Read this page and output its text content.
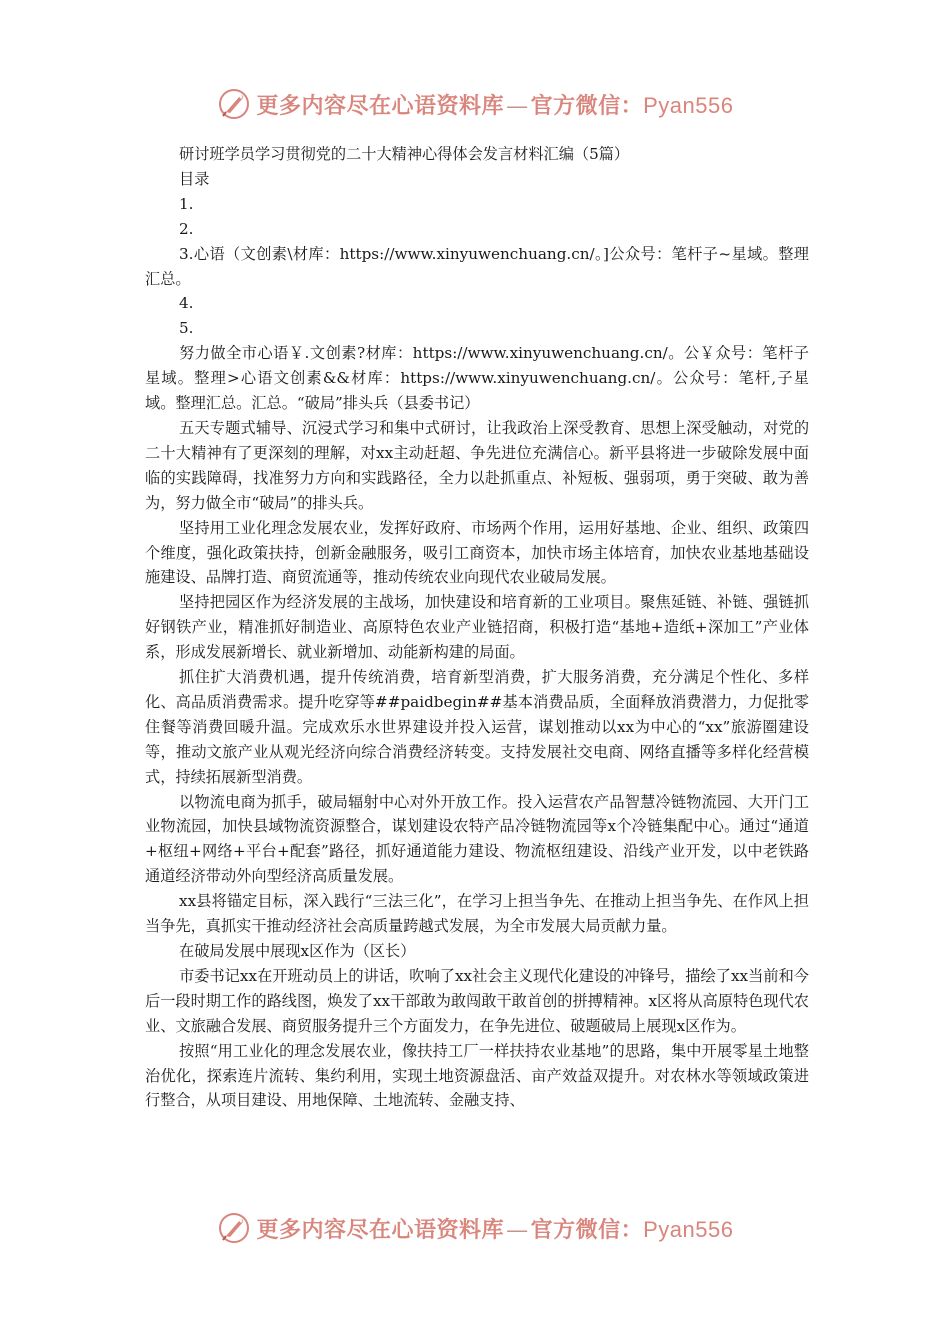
更多内容尽在心语资料库—官方微信：Pyan556

研讨班学员学习贯彻党的二十大精神心得体会发言材料汇编（5篇）

目录

1.

2.

3.心语（文创素\材库：https://www.xinyuwenchuang.cn/。]公众号：笔杆子~星域。整理汇总。

4.

5.

努力做全市心语￥.文创素?材库：https://www.xinyuwenchuang.cn/。公￥众号：笔杆子星域。整理>心语文创素&&材库：https://www.xinyuwenchuang.cn/。公众号：笔杆,子星域。整理汇总。汇总。“破局”排头兵（县委书记）

五天专题式辅导、沉浸式学习和集中式研讨，让我政治上深受教育、思想上深受触动，对党的二十大精神有了更深刻的理解，对xx主动赶超、争先进位充满信心。新平县将进一步破除发展中面临的实践障碍，找准努力方向和实践路径，全力以赴抓重点、补短板、强弱项，勇于突破、敢为善为，努力做全市“破局”的排头兵。

坚持用工业化理念发展农业，发挥好政府、市场两个作用，运用好基地、企业、组织、政策四个维度，强化政策扶持，创新金融服务，吸引工商资本，加快市场主体培育，加快农业基地基础设施建设、品牌打造、商贸流通等，推动传统农业向现代农业破局发展。

坚持把园区作为经济发展的主战场，加快建设和培育新的工业项目。聚焦延链、补链、强链抓好钢铁产业，精准抓好制造业、高原特色农业产业链招商，积极打造“基地+造纸+深加工”产业体系，形成发展新增长、就业新增加、动能新构建的局面。

抓住扩大消费机遇，提升传统消费，培育新型消费，扩大服务消费，充分满足个性化、多样化、高品质消费需求。提升吃穿等##paidbegin##基本消费品质，全面释放消费潜力，力促批零住餐等消费回暖升温。完成欢乐水世界建设并投入运营，谋划推动以xx为中心的“xx”旅游圈建设等，推动文旅产业从观光经济向综合消费经济转变。支持发展社交电商、网络直播等多样化经营模式，持续拓展新型消费。

以物流电商为抓手，破局辐射中心对外开放工作。投入运营农产品智慧冷链物流园、大开门工业物流园，加快县域物流资源整合，谋划建设农特产品冷链物流园等x个冷链集配中心。通过“通道+枢纽+网络+平台+配套”路径，抓好通道能力建设、物流枢纽建设、沿线产业开发，以中老铁路通道经济带动外向型经济高质量发展。

xx县将锚定目标，深入践行“三法三化”，在学习上担当争先、在推动上担当争先、在作风上担当争先，真抓实干推动经济社会高质量跨越式发展，为全市发展大局贡献力量。

在破局发展中展现x区作为（区长）

市委书记xx在开班动员上的讲话，吹响了xx社会主义现代化建设的冲锋号，描绘了xx当前和今后一段时期工作的路线图，焕发了xx干部敢为敢闯敢干敢首创的拼搏精神。x区将从高原特色现代农业、文旅融合发展、商贸服务提升三个方面发力，在争先进位、破题破局上展现x区作为。

按照“用工业化的理念发展农业，像扶持工厂一样扶持农业基地”的思路，集中开展零星土地整治优化，探索连片流转、集约利用，实现土地资源盘活、亩产效益双提升。对农林水等领域政策进行整合，从项目建设、用地保障、土地流转、金融支持、

更多内容尽在心语资料库—官方微信：Pyan556
